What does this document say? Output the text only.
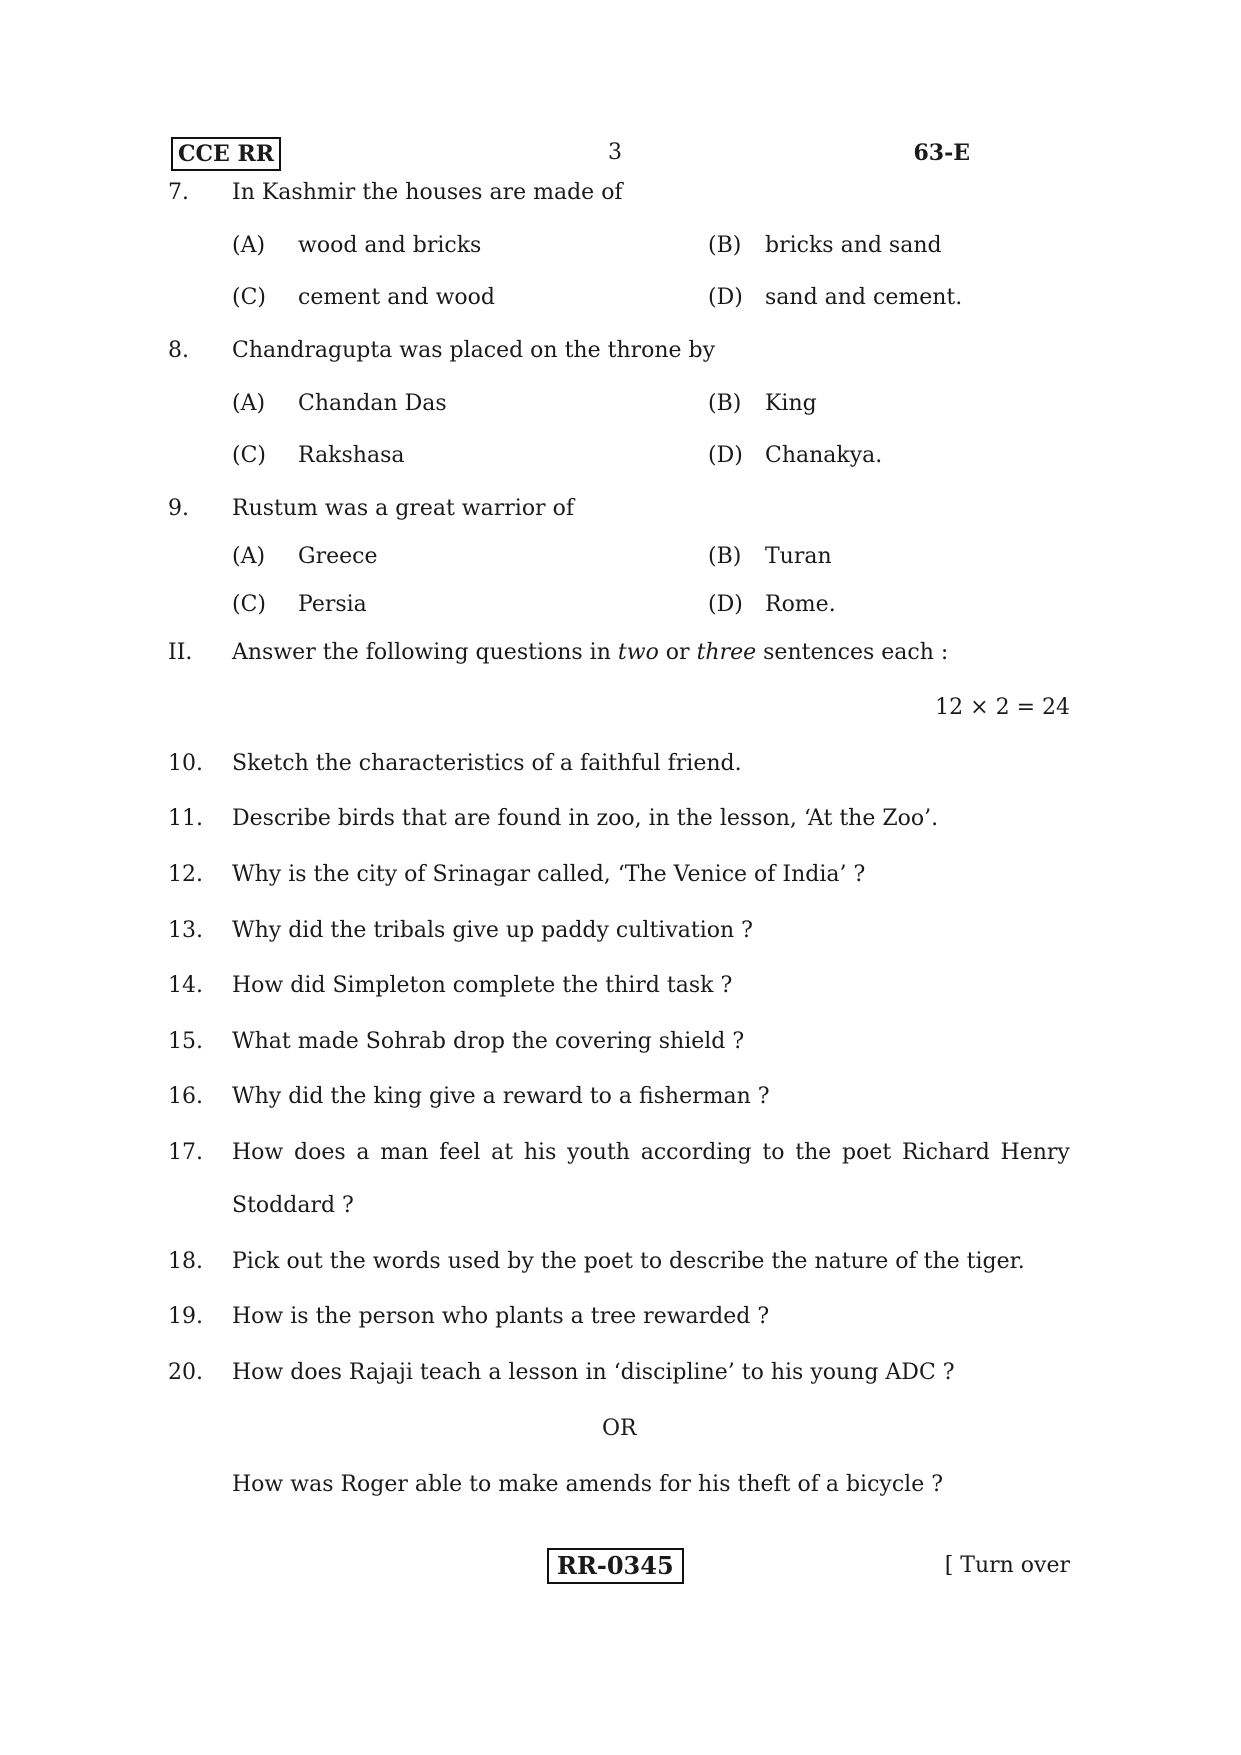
CCE RR	3	63-E
7. In Kashmir the houses are made of
(A) wood and bricks	(B) bricks and sand
(C) cement and wood	(D) sand and cement.
8. Chandragupta was placed on the throne by
(A) Chandan Das	(B) King
(C) Rakshasa	(D) Chanakya.
9. Rustum was a great warrior of
(A) Greece	(B) Turan
(C) Persia	(D) Rome.
II. Answer the following questions in two or three sentences each :
12 × 2 = 24
10. Sketch the characteristics of a faithful friend.
11. Describe birds that are found in zoo, in the lesson, ‘At the Zoo’.
12. Why is the city of Srinagar called, ‘The Venice of India’ ?
13. Why did the tribals give up paddy cultivation ?
14. How did Simpleton complete the third task ?
15. What made Sohrab drop the covering shield ?
16. Why did the king give a reward to a fisherman ?
17. How does a man feel at his youth according to the poet Richard Henry
Stoddard ?
18. Pick out the words used by the poet to describe the nature of the tiger.
19. How is the person who plants a tree rewarded ?
20. How does Rajaji teach a lesson in ‘discipline’ to his young ADC ?
OR
How was Roger able to make amends for his theft of a bicycle ?
RR-0345	[ Turn over
